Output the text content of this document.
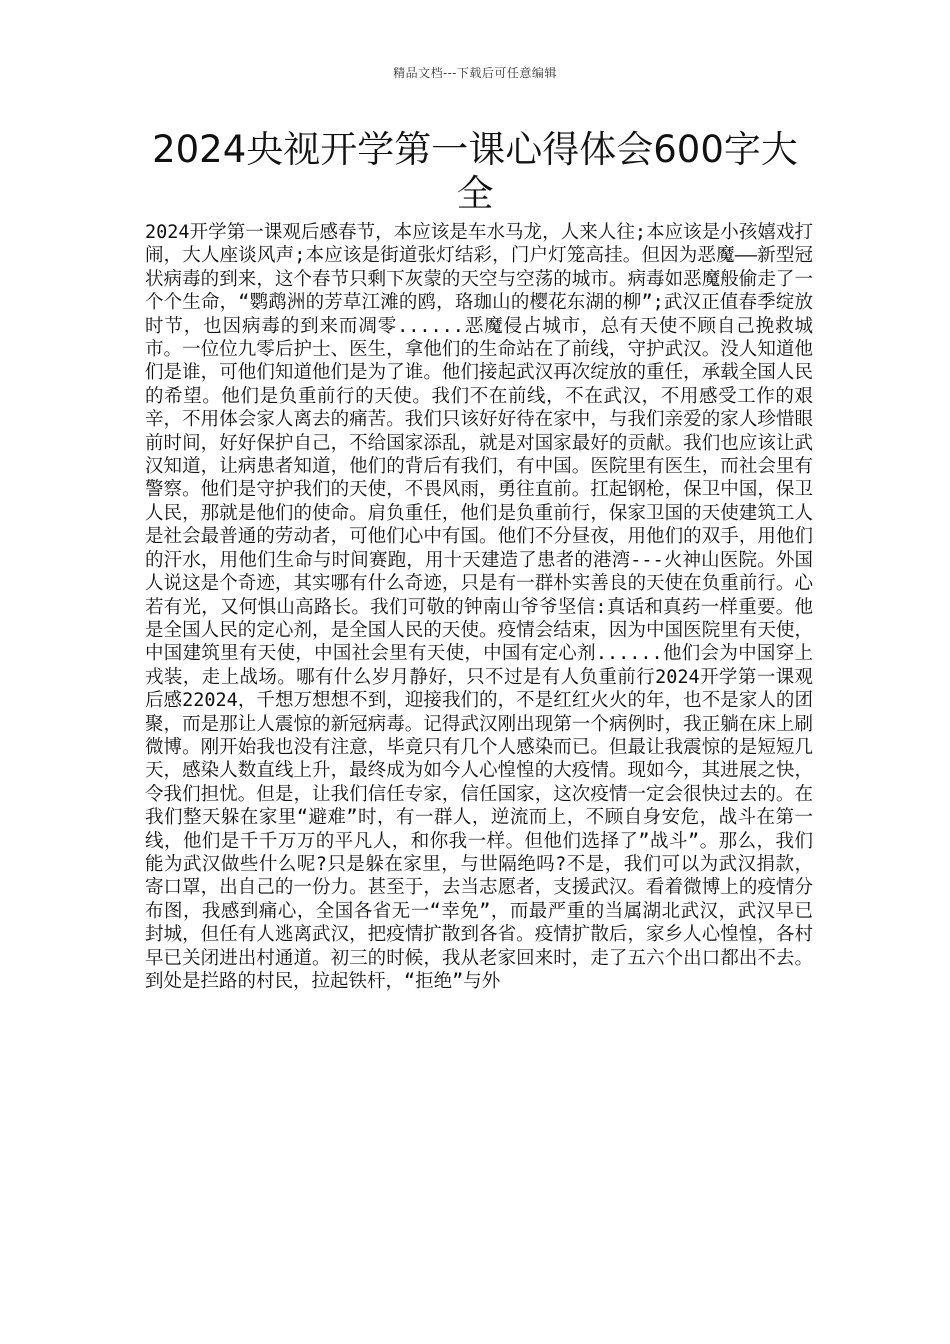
精品文档---下载后可任意编辑
2024央视开学第一课心得体会600字大全

2024开学第一课观后感春节，本应该是车水马龙，人来人往;本应该是小孩嬉戏打闹，大人座谈风声;本应该是街道张灯结彩，门户灯笼高挂。但因为恶魔——新型冠状病毒的到来，这个春节只剩下灰蒙的天空与空荡的城市。病毒如恶魔般偷走了一个个生命，“鹦鹉洲的芳草江滩的鸥，珞珈山的樱花东湖的柳”;武汉正值春季绽放时节，也因病毒的到来而凋零......恶魔侵占城市，总有天使不顾自己挽救城市。一位位九零后护士、医生，拿他们的生命站在了前线，守护武汉。没人知道他们是谁，可他们知道他们是为了谁。他们接起武汉再次绽放的重任，承载全国人民的希望。他们是负重前行的天使。我们不在前线，不在武汉，不用感受工作的艰辛，不用体会家人离去的痛苦。我们只该好好待在家中，与我们亲爱的家人珍惜眼前时间，好好保护自己，不给国家添乱，就是对国家最好的贡献。我们也应该让武汉知道，让病患者知道，他们的背后有我们，有中国。医院里有医生，而社会里有警察。他们是守护我们的天使，不畏风雨，勇往直前。扛起钢枪，保卫中国，保卫人民，那就是他们的使命。肩负重任，他们是负重前行，保家卫国的天使建筑工人是社会最普通的劳动者，可他们心中有国。他们不分昼夜，用他们的双手，用他们的汗水，用他们生命与时间赛跑，用十天建造了患者的港湾---火神山医院。外国人说这是个奇迹，其实哪有什么奇迹，只是有一群朴实善良的天使在负重前行。心若有光，又何惧山高路长。我们可敬的钟南山爷爷坚信:真话和真药一样重要。他是全国人民的定心剂，是全国人民的天使。疫情会结束，因为中国医院里有天使，中国建筑里有天使，中国社会里有天使，中国有定心剂......他们会为中国穿上戎装，走上战场。哪有什么岁月静好，只不过是有人负重前行2024开学第一课观后感22024，千想万想想不到，迎接我们的，不是红红火火的年，也不是家人的团聚，而是那让人震惊的新冠病毒。记得武汉刚出现第一个病例时，我正躺在床上刷微博。刚开始我也没有注意，毕竟只有几个人感染而已。但最让我震惊的是短短几天，感染人数直线上升，最终成为如今人心惶惶的大疫情。现如今，其进展之快，令我们担忧。但是，让我们信任专家，信任国家，这次疫情一定会很快过去的。在我们整天躲在家里“避难”时，有一群人，逆流而上，不顾自身安危，战斗在第一线，他们是千千万万的平凡人，和你我一样。但他们选择了”战斗”。那么，我们能为武汉做些什么呢?只是躲在家里，与世隔绝吗?不是，我们可以为武汉捐款，寄口罩，出自己的一份力。甚至于，去当志愿者，支援武汉。看着微博上的疫情分布图，我感到痛心，全国各省无一“幸免”，而最严重的当属湖北武汉，武汉早已封城，但任有人逃离武汉，把疫情扩散到各省。疫情扩散后，家乡人心惶惶，各村早已关闭进出村通道。初三的时候，我从老家回来时，走了五六个出口都出不去。到处是拦路的村民，拉起铁杆，“拒绝”与外
